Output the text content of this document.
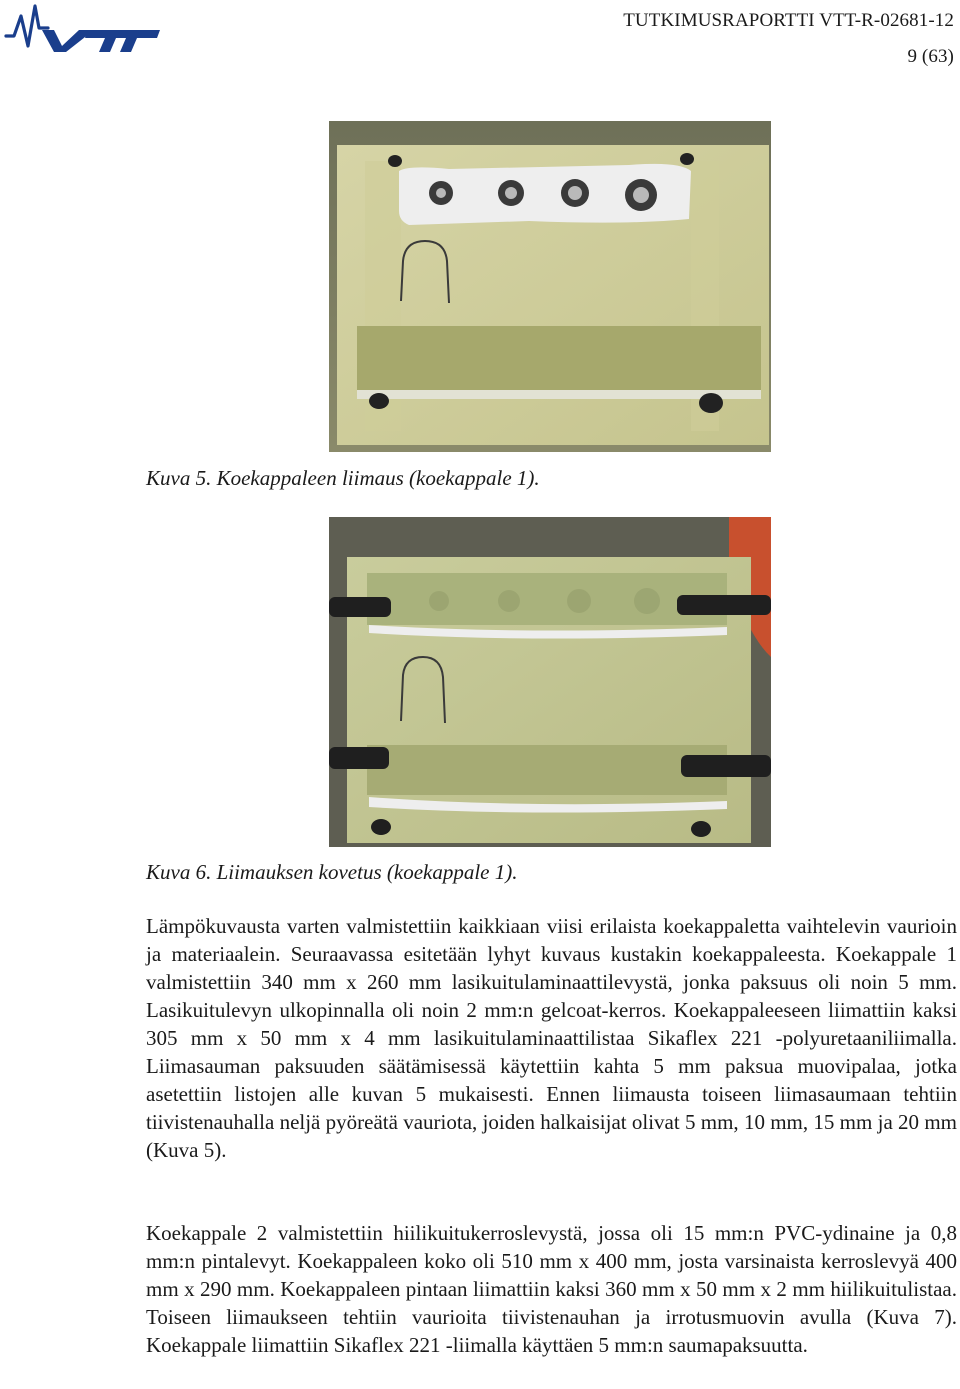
VTT
TUTKIMUSRAPORTTI VTT-R-02681-12
9 (63)
Kuva 5. Koekappaleen liimaus (koekappale 1).
Kuva 6. Liimauksen kovetus (koekappale 1).

Lämpökuvausta varten valmistettiin kaikkiaan viisi erilaista koekappaletta vaihtelevin vaurioin ja materiaalein. Seuraavassa esitetään lyhyt kuvaus kustakin koekappaleesta. Koekappale 1 valmistettiin 340 mm x 260 mm lasikuitulaminaattilevystä, jonka paksuus oli noin 5 mm. Lasikuitulevyn ulkopinnalla oli noin 2 mm:n gelcoat-kerros. Koekappaleeseen liimattiin kaksi 305 mm x 50 mm x 4 mm lasikuitulaminaattilistaa Sikaflex 221 -polyuretaaniliimalla. Liimasauman paksuuden säätämisessä käytettiin kahta 5 mm paksua muovipalaa, jotka asetettiin listojen alle kuvan 5 mukaisesti. Ennen liimausta toiseen liimasaumaan tehtiin tiivistenauhalla neljä pyöreätä vauriota, joiden halkaisijat olivat 5 mm, 10 mm, 15 mm ja 20 mm (Kuva 5).

Koekappale 2 valmistettiin hiilikuitukerroslevystä, jossa oli 15 mm:n PVC-ydinaine ja 0,8 mm:n pintalevyt. Koekappaleen koko oli 510 mm x 400 mm, josta varsinaista kerroslevyä 400 mm x 290 mm. Koekappaleen pintaan liimattiin kaksi 360 mm x 50 mm x 2 mm hiilikuitulistaa. Toiseen liimaukseen tehtiin vaurioita tiivistenauhan ja irrotusmuovin avulla (Kuva 7). Koekappale liimattiin Sikaflex 221 -liimalla käyttäen 5 mm:n saumapaksuutta.
